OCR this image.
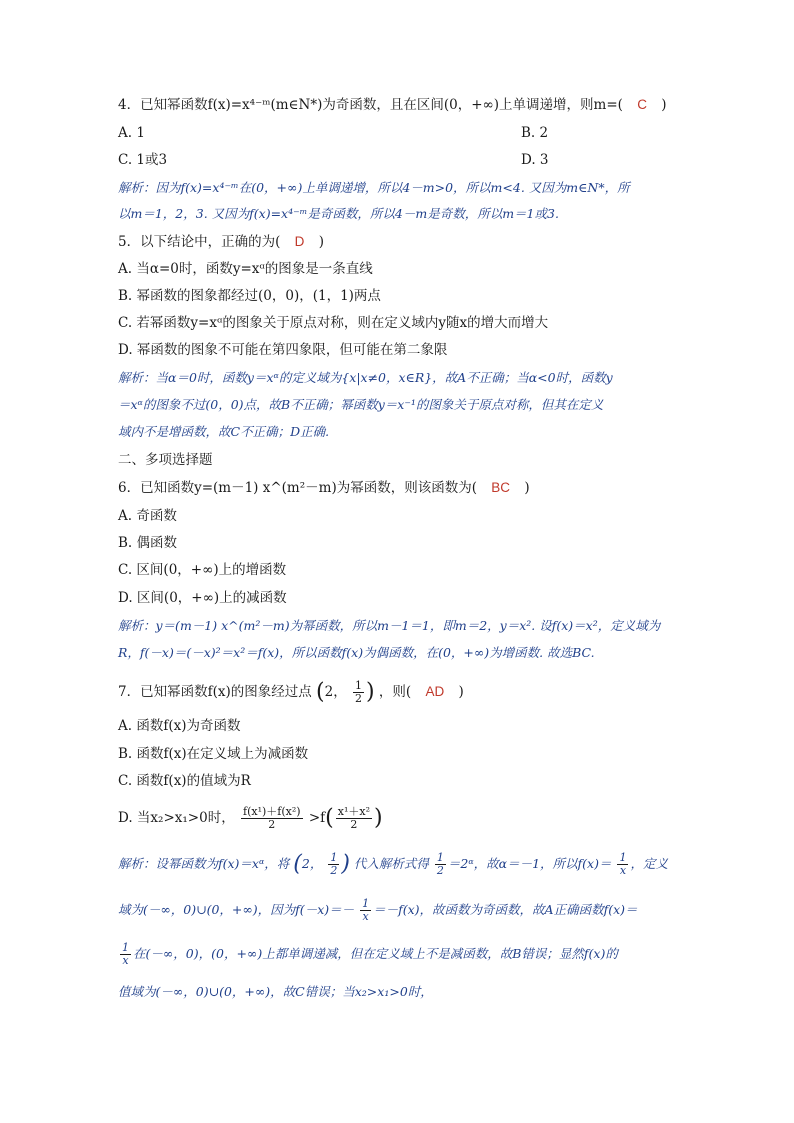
4．已知幂函数f(x)=x⁴⁻ᵐ(m∈N*)为奇函数，且在区间(0，+∞)上单调递增，则m=( C )
A. 1	B. 2
C. 1或3	D. 3
解析：因为f(x)=x⁴⁻ᵐ在(0，+∞)上单调递增，所以4－m>0，所以m<4. 又因为m∈N*，所
以m＝1，2，3. 又因为f(x)=x⁴⁻ᵐ是奇函数，所以4－m是奇数，所以m＝1或3.
5．以下结论中，正确的为( D )
A. 当α=0时，函数y=xᵅ的图象是一条直线
B. 幂函数的图象都经过(0，0)，(1，1)两点
C. 若幂函数y=xᵅ的图象关于原点对称，则在定义域内y随x的增大而增大
D. 幂函数的图象不可能在第四象限，但可能在第二象限
解析：当α＝0时，函数y＝xᵅ的定义域为{x|x≠0，x∈R}，故A不正确；当α<0时，函数y
＝xᵅ的图象不过(0，0)点，故B不正确；幂函数y＝x⁻¹的图象关于原点对称，但其在定义
域内不是增函数，故C不正确；D正确.
二、多项选择题
6．已知函数y=(m－1) x^(m²－m)为幂函数，则该函数为( BC )
A. 奇函数
B. 偶函数
C. 区间(0，+∞)上的增函数
D. 区间(0，+∞)上的减函数
解析：y＝(m－1) x^(m²－m)为幂函数，所以m－1＝1，即m＝2，y＝x². 设f(x)＝x²，定义域为
R，f(－x)＝(－x)²＝x²＝f(x)，所以函数f(x)为偶函数，在(0，+∞)为增函数. 故选BC.
7．已知幂函数f(x)的图象经过点 (2， $\frac{1}{2}$ ) ，则( AD )
A. 函数f(x)为奇函数
B. 函数f(x)在定义域上为减函数
C. 函数f(x)的值域为R
D. 当x₂>x₁>0时， $\frac{\text{f(x¹)＋f(x²)}}{2} >f( \frac{\text{x¹＋x²}}{2}$ )
解析：设幂函数为f(x)＝xᵅ，将 (2， $\frac{1}{2}$ ) 代入解析式得 $\frac{1}{2}$ ＝2ᵅ，故α＝－1，所以$f(x)= \frac{1}{x}$ ，定义
域为(－∞，0)∪(0，+∞)，因为$f(-x)=- \frac{1}{x} =-f(x)$，故函数为奇函数，故A正确函数f(x)＝
$\frac{1}{x}$ 在(－∞，0)，(0，+∞)上都单调递减，但在定义域上不是减函数，故B错误；显然f(x)的
值域为(－∞，0)∪(0，+∞)，故C错误；当x₂>x₁>0时，
